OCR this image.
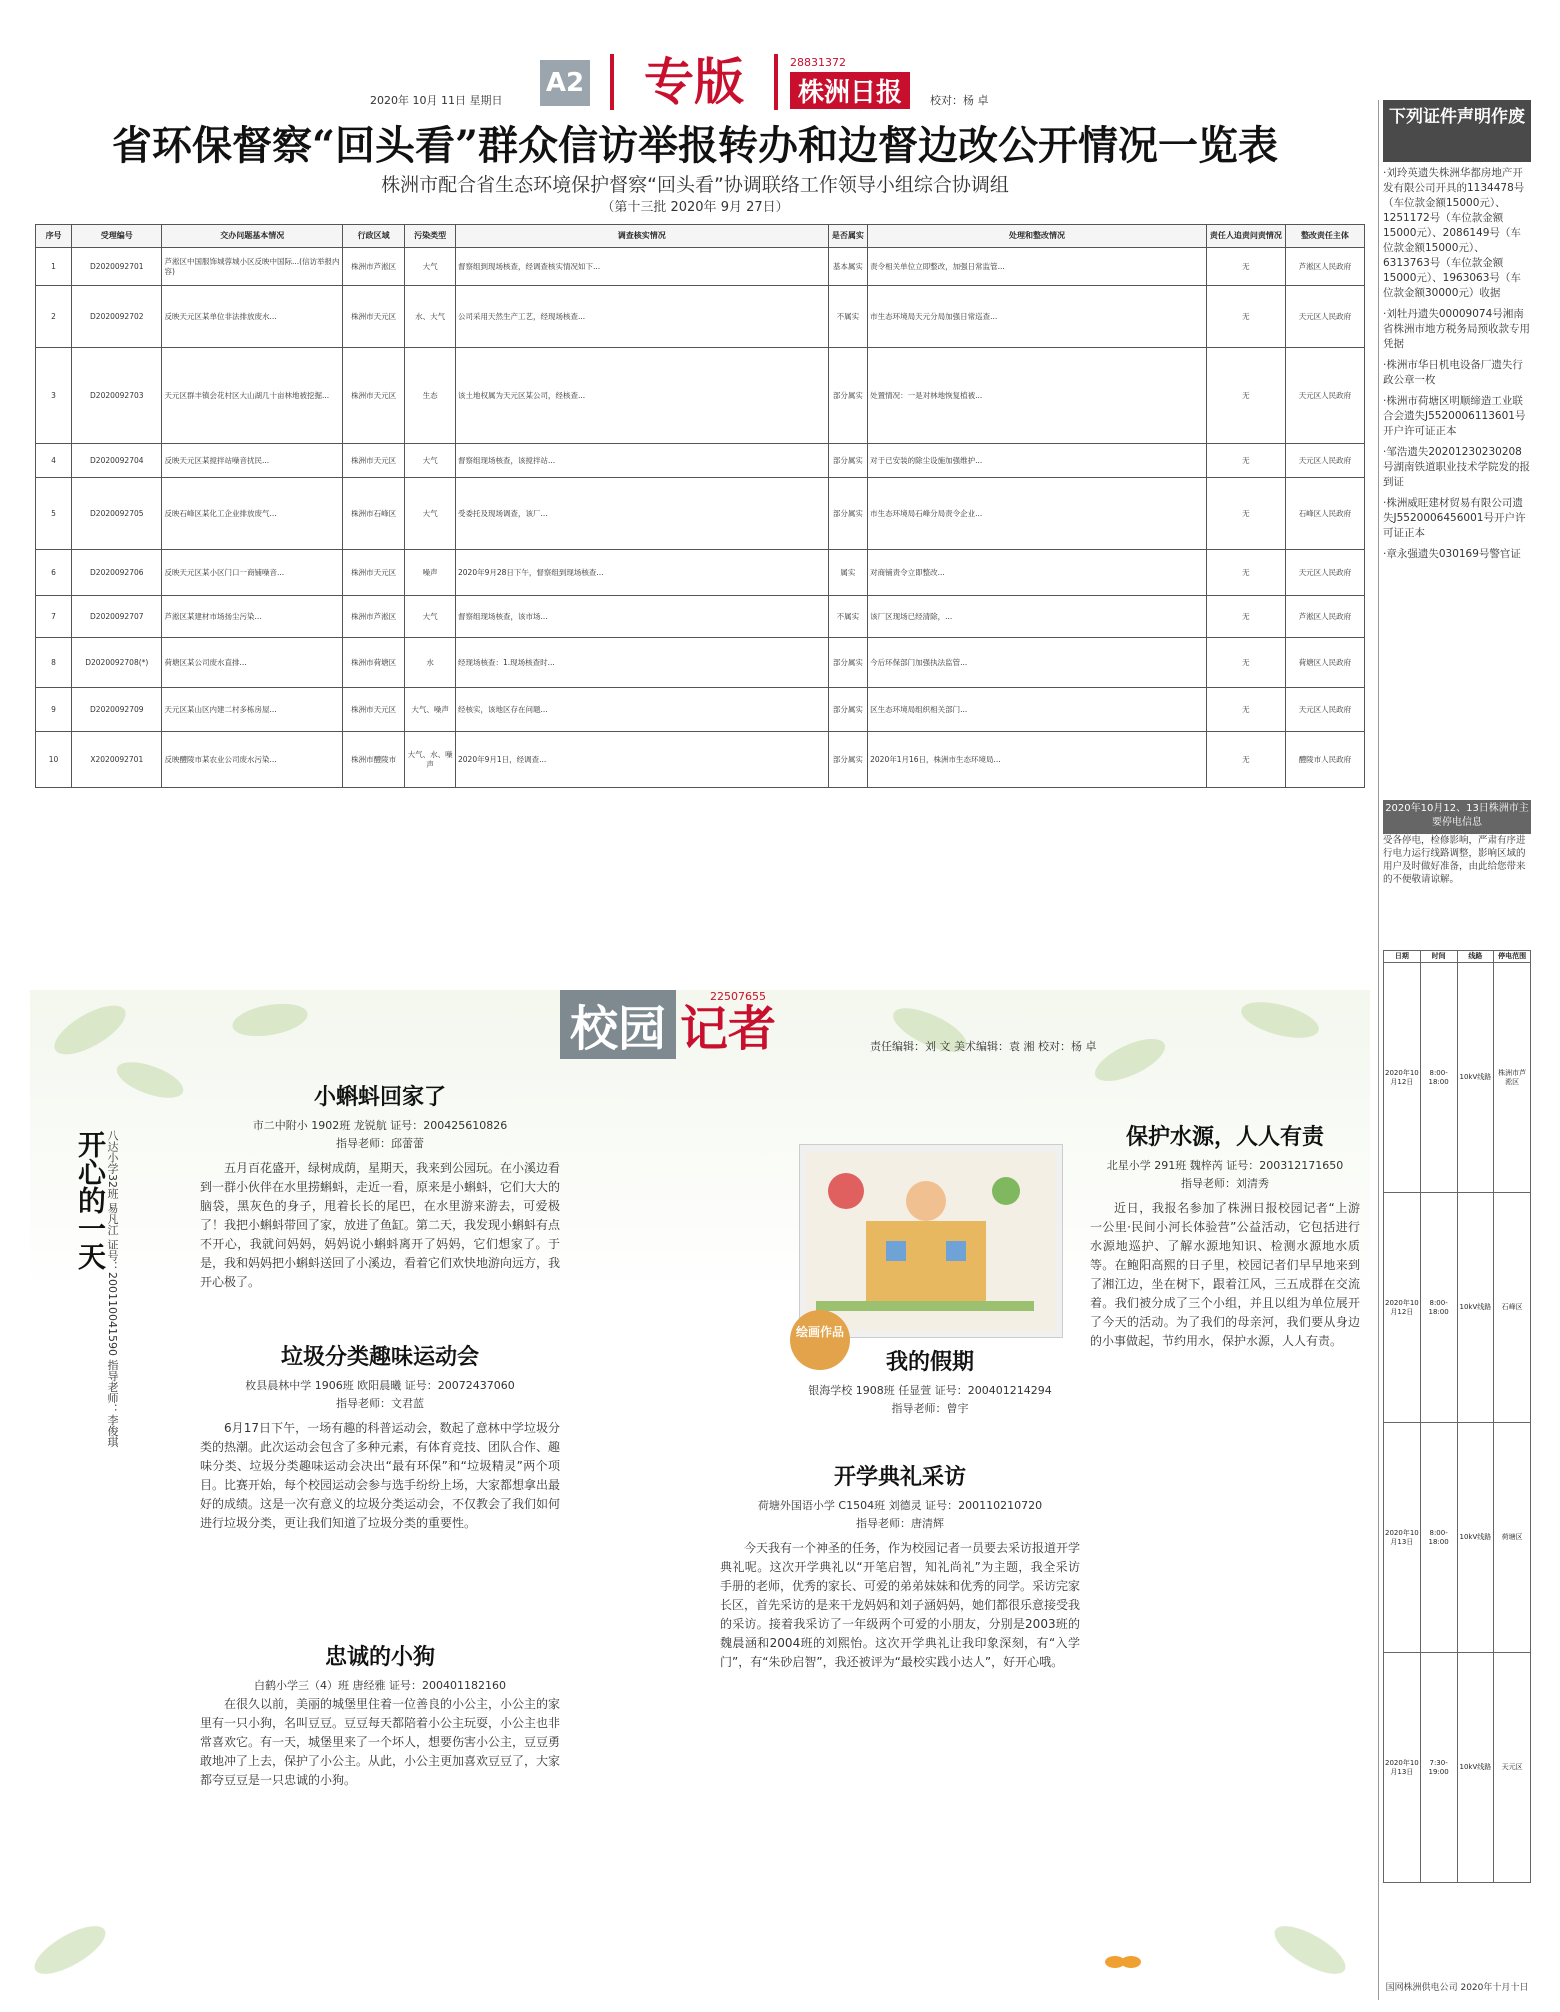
2020年 10月 11日 星期日
A2	专版	28831372
株洲日报	校对：杨 卓
省环保督察“回头看”群众信访举报转办和边督边改公开情况一览表
株洲市配合省生态环境保护督察“回头看”协调联络工作领导小组综合协调组
（第十三批 2020年 9月 27日）
序号	受理编号	交办问题基本情况	行政区域	污染类型	调查核实情况	是否属实	处理和整改情况	责任人追责问责情况	整改责任主体
1	D2020092701	芦淞区中国服饰城蓉城小区反映中国际...(信访举报内容)	株洲市芦淞区	大气	督察组到现场核查，经调查核实情况如下...	基本属实	责令相关单位立即整改，加强日常监管...	无	芦淞区人民政府
2	D2020092702	反映天元区某单位非法排放废水...	株洲市天元区	水、大气	公司采用天然生产工艺，经现场核查...	不属实	市生态环境局天元分局加强日常巡查...	无	天元区人民政府
3	D2020092703	天元区群丰镇会花村区大山湖几十亩林地被挖掘...	株洲市天元区	生态	该土地权属为天元区某公司，经核查...	部分属实	处置情况：一是对林地恢复植被...	无	天元区人民政府
4	D2020092704	反映天元区某搅拌站噪音扰民...	株洲市天元区	大气	督察组现场核查，该搅拌站...	部分属实	对于已安装的除尘设施加强维护...	无	天元区人民政府
5	D2020092705	反映石峰区某化工企业排放废气...	株洲市石峰区	大气	受委托及现场调查，该厂...	部分属实	市生态环境局石峰分局责令企业...	无	石峰区人民政府
6	D2020092706	反映天元区某小区门口一商铺噪音...	株洲市天元区	噪声	2020年9月28日下午，督察组到现场核查...	属实	对商铺责令立即整改...	无	天元区人民政府
7	D2020092707	芦淞区某建材市场扬尘污染...	株洲市芦淞区	大气	督察组现场核查，该市场...	不属实	该厂区现场已经清除，...	无	芦淞区人民政府
8	D2020092708(*)	荷塘区某公司废水直排...	株洲市荷塘区	水	经现场核查：1.现场核查时...	部分属实	今后环保部门加强执法监管...	无	荷塘区人民政府
9	D2020092709	天元区某山区内建二村多栋房屋...	株洲市天元区	大气、噪声	经核实，该地区存在问题...	部分属实	区生态环境局组织相关部门...	无	天元区人民政府
10	X2020092701	反映醴陵市某农业公司废水污染...	株洲市醴陵市	大气、水、噪声	2020年9月1日，经调查...	部分属实	2020年1月16日，株洲市生态环境局...	无	醴陵市人民政府
下列证件声明作废

·刘玲英遗失株洲华都房地产开发有限公司开具的1134478号（车位款金额15000元）、1251172号（车位款金额15000元）、2086149号（车位款金额15000元）、6313763号（车位款金额15000元）、1963063号（车位款金额30000元）收据

·刘牡丹遗失00009074号湘南省株洲市地方税务局预收款专用凭据

·株洲市华日机电设备厂遗失行政公章一枚

·株洲市荷塘区明顺缔造工业联合会遗失J5520006113601号开户许可证正本

·邹浩遗失20201230230208号湖南铁道职业技术学院发的报到证

·株洲威旺建材贸易有限公司遗失J5520006456001号开户许可证正本

·章永强遗失030169号警官证

2020年10月12、13日株洲市主要停电信息
受各停电，检修影响，严肃有序进行电力运行线路调整，影响区域的用户及时做好准备，由此给您带来的不便敬请谅解。
日期	时间	线路	停电范围
2020年10月12日	8:00-18:00	10kV线路	株洲市芦淞区
2020年10月12日	8:00-18:00	10kV线路	石峰区
2020年10月13日	8:00-18:00	10kV线路	荷塘区
2020年10月13日	7:30-19:00	10kV线路	天元区
国网株洲供电公司 2020年十月十日
校园 记者
22507655
责任编辑：刘 文 美术编辑：袁 湘 校对：杨 卓
开心的一天 八达小学32班 易凡江 证号：200110041590 指导老师：李俊琪
小蝌蚪回家了
市二中附小 1902班 龙锐航 证号：200425610826
指导老师：邱蕾蕾

五月百花盛开，绿树成荫，星期天，我来到公园玩。在小溪边看到一群小伙伴在水里捞蝌蚪，走近一看，原来是小蝌蚪，它们大大的脑袋，黑灰色的身子，甩着长长的尾巴，在水里游来游去，可爱极了！我把小蝌蚪带回了家，放进了鱼缸。第二天，我发现小蝌蚪有点不开心，我就问妈妈，妈妈说小蝌蚪离开了妈妈，它们想家了。于是，我和妈妈把小蝌蚪送回了小溪边，看着它们欢快地游向远方，我开心极了。

垃圾分类趣味运动会
枚县晨林中学 1906班 欧阳晨曦 证号：20072437060
指导老师：文君蓝

6月17日下午，一场有趣的科普运动会，数起了意林中学垃圾分类的热潮。此次运动会包含了多种元素，有体育竞技、团队合作、趣味分类、垃圾分类趣味运动会决出“最有环保”和“垃圾精灵”两个项目。比赛开始，每个校园运动会参与选手纷纷上场，大家都想拿出最好的成绩。这是一次有意义的垃圾分类运动会，不仅教会了我们如何进行垃圾分类，更让我们知道了垃圾分类的重要性。

忠诚的小狗
白鹤小学三（4）班 唐经雅 证号：200401182160

在很久以前，美丽的城堡里住着一位善良的小公主，小公主的家里有一只小狗，名叫豆豆。豆豆每天都陪着小公主玩耍，小公主也非常喜欢它。有一天，城堡里来了一个坏人，想要伤害小公主，豆豆勇敢地冲了上去，保护了小公主。从此，小公主更加喜欢豆豆了，大家都夸豆豆是一只忠诚的小狗。

绘画作品
我的假期
银海学校 1908班 任显萱 证号：200401214294
指导老师：曾宇
开学典礼采访
荷塘外国语小学 C1504班 刘德灵 证号：200110210720
指导老师：唐清辉

今天我有一个神圣的任务，作为校园记者一员要去采访报道开学典礼呢。这次开学典礼以“开笔启智，知礼尚礼”为主题，我全采访手册的老师，优秀的家长、可爱的弟弟妹妹和优秀的同学。采访完家长区，首先采访的是来干龙妈妈和刘子涵妈妈，她们都很乐意接受我的采访。接着我采访了一年级两个可爱的小朋友，分别是2003班的魏晨涵和2004班的刘熙怡。这次开学典礼让我印象深刻，有“入学门”，有“朱砂启智”，我还被评为“最校实践小达人”，好开心哦。

保护水源，人人有责
北星小学 291班 魏梓芮 证号：200312171650
指导老师：刘清秀

近日，我报名参加了株洲日报校园记者“上游一公里·民间小河长体验营”公益活动，它包括进行水源地巡护、了解水源地知识、检测水源地水质等。在鲍阳高熙的日子里，校园记者们早早地来到了湘江边，坐在树下，跟着江风，三五成群在交流着。我们被分成了三个小组，并且以组为单位展开了今天的活动。为了我们的母亲河，我们要从身边的小事做起，节约用水，保护水源，人人有责。
